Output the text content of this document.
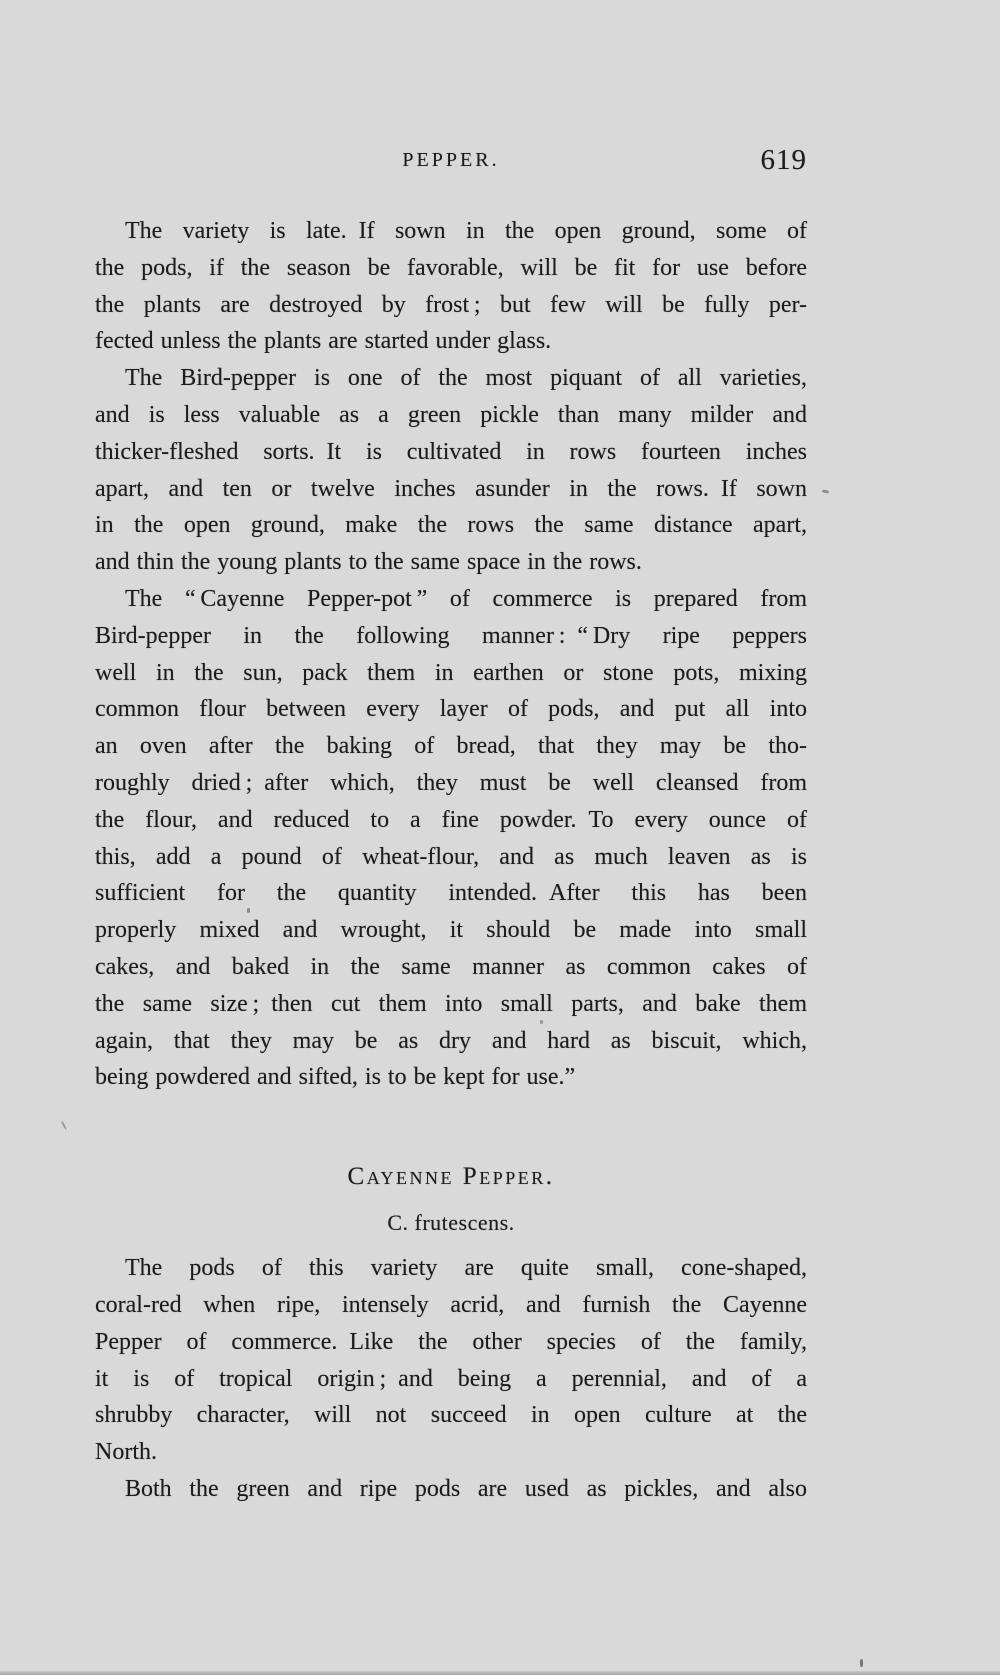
PEPPER.	619
The variety is late. If sown in the open ground, some of
the pods, if the season be favorable, will be fit for use before
the plants are destroyed by frost ; but few will be fully per-
fected unless the plants are started under glass.
The Bird-pepper is one of the most piquant of all varieties,
and is less valuable as a green pickle than many milder and
thicker-fleshed sorts. It is cultivated in rows fourteen inches
apart, and ten or twelve inches asunder in the rows. If sown
in the open ground, make the rows the same distance apart,
and thin the young plants to the same space in the rows.
The “ Cayenne Pepper-pot ” of commerce is prepared from
Bird-pepper in the following manner : “ Dry ripe peppers
well in the sun, pack them in earthen or stone pots, mixing
common flour between every layer of pods, and put all into
an oven after the baking of bread, that they may be tho-
roughly dried ; after which, they must be well cleansed from
the flour, and reduced to a fine powder. To every ounce of
this, add a pound of wheat-flour, and as much leaven as is
sufficient for the quantity intended. After this has been
properly mixed and wrought, it should be made into small
cakes, and baked in the same manner as common cakes of
the same size ; then cut them into small parts, and bake them
again, that they may be as dry and hard as biscuit, which,
being powdered and sifted, is to be kept for use.”
Cayenne Pepper.
C. frutescens.
The pods of this variety are quite small, cone-shaped,
coral-red when ripe, intensely acrid, and furnish the Cayenne
Pepper of commerce. Like the other species of the family,
it is of tropical origin ; and being a perennial, and of a
shrubby character, will not succeed in open culture at the
North.
Both the green and ripe pods are used as pickles, and also
